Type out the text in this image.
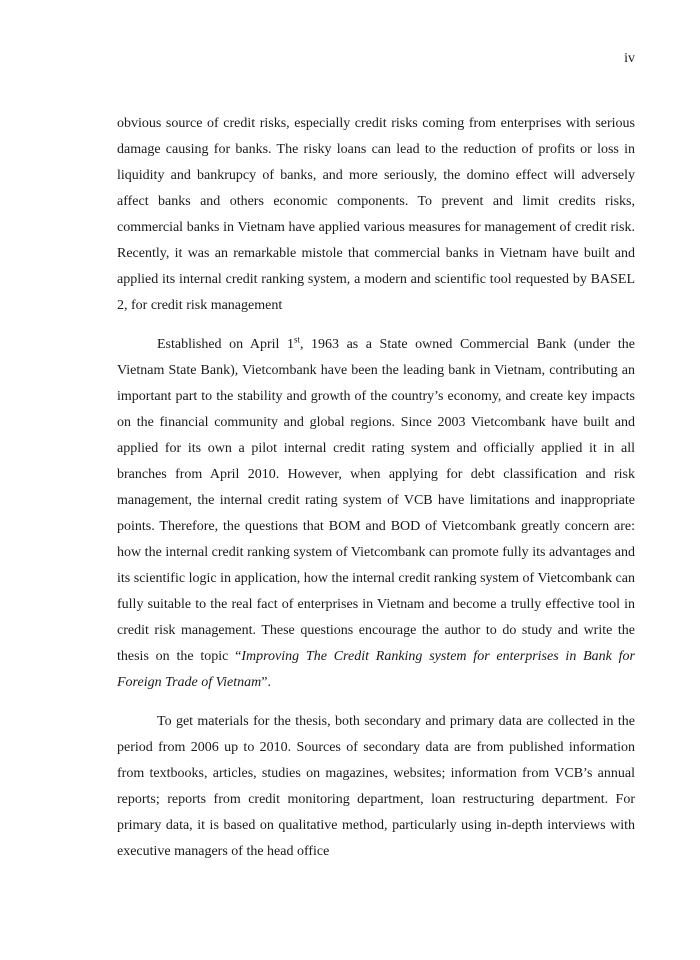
iv

obvious source of credit risks, especially credit risks coming from enterprises with serious damage causing for banks. The risky loans can lead to the reduction of profits or loss in liquidity and bankrupcy of banks, and more seriously, the domino effect will adversely affect banks and others economic components. To prevent and limit credits risks, commercial banks in Vietnam have applied various measures for management of credit risk. Recently, it was an remarkable mistole that commercial banks in Vietnam have built and applied its internal credit ranking system, a modern and scientific tool requested by BASEL 2, for credit risk management

Established on April 1st, 1963 as a State owned Commercial Bank (under the Vietnam State Bank), Vietcombank have been the leading bank in Vietnam, contributing an important part to the stability and growth of the country’s economy, and create key impacts on the financial community and global regions. Since 2003 Vietcombank have built and applied for its own a pilot internal credit rating system and officially applied it in all branches from April 2010. However, when applying for debt classification and risk management, the internal credit rating system of VCB have limitations and inappropriate points. Therefore, the questions that BOM and BOD of Vietcombank greatly concern are: how the internal credit ranking system of Vietcombank can promote fully its advantages and its scientific logic in application, how the internal credit ranking system of Vietcombank can fully suitable to the real fact of enterprises in Vietnam and become a trully effective tool in credit risk management. These questions encourage the author to do study and write the thesis on the topic “Improving The Credit Ranking system for enterprises in Bank for Foreign Trade of Vietnam”.

To get materials for the thesis, both secondary and primary data are collected in the period from 2006 up to 2010. Sources of secondary data are from published information from textbooks, articles, studies on magazines, websites; information from VCB’s annual reports; reports from credit monitoring department, loan restructuring department. For primary data, it is based on qualitative method, particularly using in-depth interviews with executive managers of the head office
